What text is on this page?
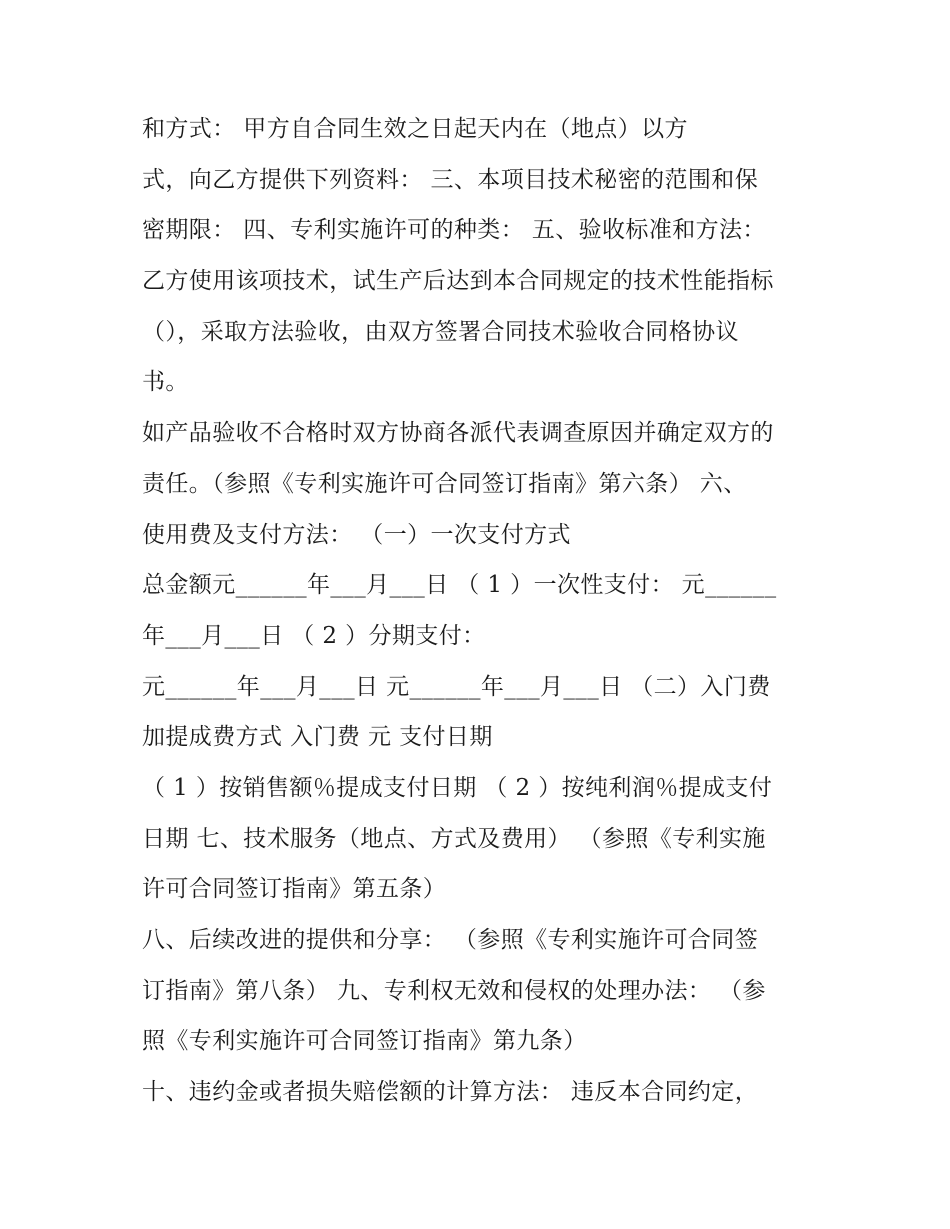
和方式： 甲方自合同生效之日起天内在（地点）以方
式，向乙方提供下列资料： 三、本项目技术秘密的范围和保
密期限： 四、专利实施许可的种类： 五、验收标准和方法：
乙方使用该项技术，试生产后达到本合同规定的技术性能指标
（），采取方法验收，由双方签署合同技术验收合同格协议
书。
如产品验收不合格时双方协商各派代表调查原因并确定双方的
责任。（参照《专利实施许可合同签订指南》第六条） 六、
使用费及支付方法： （一）一次支付方式
总金额元______年___月___日 （ 1 ）一次性支付： 元______
年___月___日 （ 2 ）分期支付：
元______年___月___日 元______年___月___日 （二）入门费
加提成费方式 入门费 元 支付日期
（ 1 ）按销售额％提成支付日期 （ 2 ）按纯利润％提成支付
日期 七、技术服务（地点、方式及费用） （参照《专利实施
许可合同签订指南》第五条）
八、后续改进的提供和分享： （参照《专利实施许可合同签
订指南》第八条） 九、专利权无效和侵权的处理办法： （参
照《专利实施许可合同签订指南》第九条）
十、违约金或者损失赔偿额的计算方法： 违反本合同约定，
